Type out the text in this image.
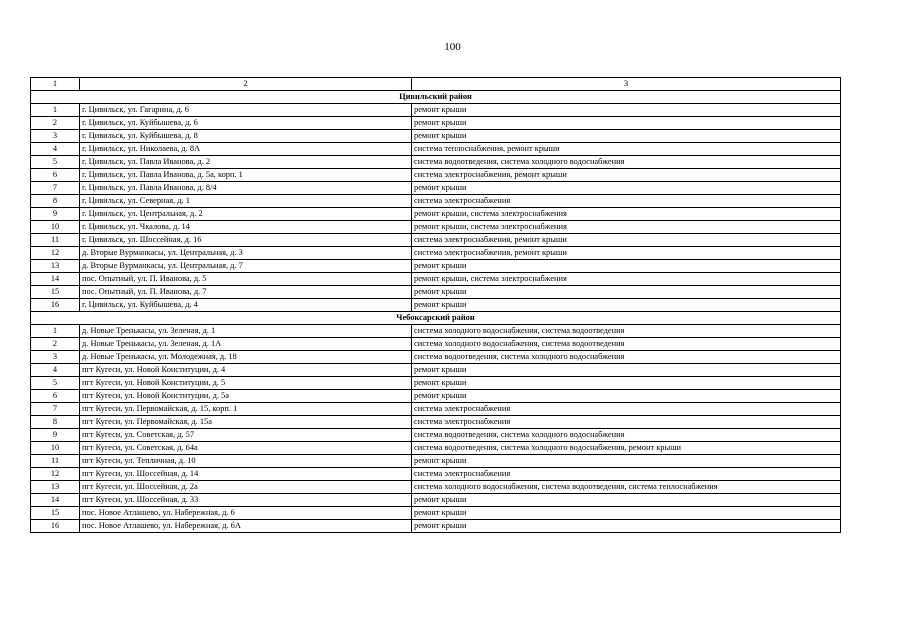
100
1	2	3
Цивильский район		
1	г. Цивильск, ул. Гагарина, д. 6	ремонт крыши
2	г. Цивильск, ул. Куйбышева, д. 6	ремонт крыши
3	г. Цивильск, ул. Куйбышева, д. 8	ремонт крыши
4	г. Цивильск, ул. Николаева, д. 8А	система теплоснабжения, ремонт крыши
5	г. Цивильск, ул. Павла Иванова, д. 2	система водоотведения, система холодного водоснабжения
6	г. Цивильск, ул. Павла Иванова, д. 5а, корп. 1	система электроснабжения, ремонт крыши
7	г. Цивильск, ул. Павла Иванова, д. 8/4	ремонт крыши
8	г. Цивильск, ул. Северная, д. 1	система электроснабжения
9	г. Цивильск, ул. Центральная, д. 2	ремонт крыши, система электроснабжения
10	г. Цивильск, ул. Чкалова, д. 14	ремонт крыши, система электроснабжения
11	г. Цивильск, ул. Шоссейная, д. 16	система электроснабжения, ремонт крыши
12	д. Вторые Вурманкасы, ул. Центральная, д. 3	система электроснабжения, ремонт крыши
13	д. Вторые Вурманкасы, ул. Центральная, д. 7	ремонт крыши
14	пос. Опытный, ул. П. Иванова, д. 5	ремонт крыши, система электроснабжения
15	пос. Опытный, ул. П. Иванова, д. 7	ремонт крыши
16	г. Цивильск, ул. Куйбышева, д. 4	ремонт крыши
Чебоксарский район		
1	д. Новые Тренькасы, ул. Зеленая, д. 1	система холодного водоснабжения, система водоотведения
2	д. Новые Тренькасы, ул. Зеленая, д. 1А	система холодного водоснабжения, система водоотведения
3	д. Новые Тренькасы, ул. Молодежная, д. 18	система водоотведения, система холодного водоснабжения
4	пгт Кугеси, ул. Новой Конституции, д. 4	ремонт крыши
5	пгт Кугеси, ул. Новой Конституции, д. 5	ремонт крыши
6	пгт Кугеси, ул. Новой Конституции, д. 5а	ремонт крыши
7	пгт Кугеси, ул. Первомайская, д. 15, корп. 1	система электроснабжения
8	пгт Кугеси, ул. Первомайская, д. 15а	система электроснабжения
9	пгт Кугеси, ул. Советская, д. 57	система водоотведения, система холодного водоснабжения
10	пгт Кугеси, ул. Советская, д. 64а	система водоотведения, система холодного водоснабжения, ремонт крыши
11	пгт Кугеси, ул. Тепличная, д. 10	ремонт крыши
12	пгт Кугеси, ул. Шоссейная, д. 14	система электроснабжения
13	пгт Кугеси, ул. Шоссейная, д. 2а	система холодного водоснабжения, система водоотведения, система теплоснабжения
14	пгт Кугеси, ул. Шоссейная, д. 33	ремонт крыши
15	пос. Новое Атлашево, ул. Набережная, д. 6	ремонт крыши
16	пос. Новое Атлашево, ул. Набережная, д. 6А	ремонт крыши
